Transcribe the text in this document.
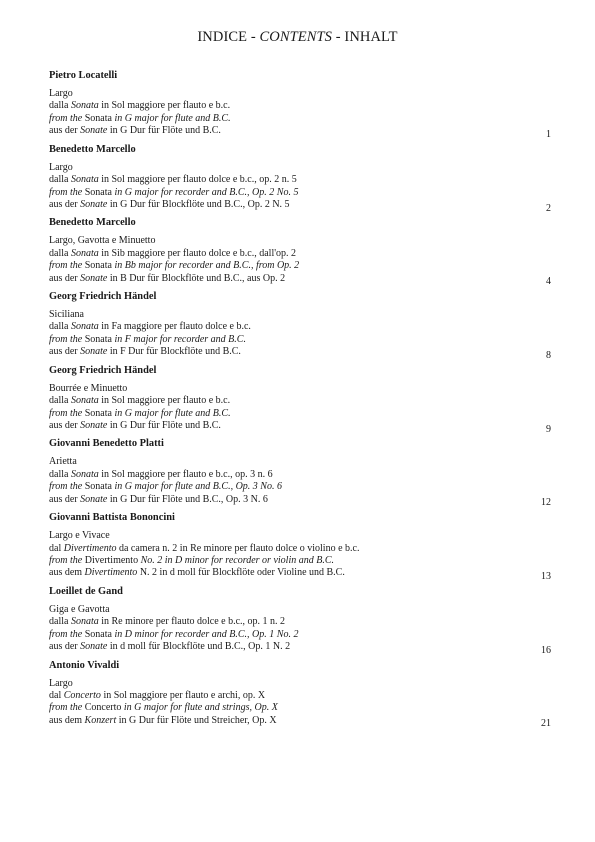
INDICE - CONTENTS - INHALT
Pietro Locatelli
Largo
dalla Sonata in Sol maggiore per flauto e b.c.
from the Sonata in G major for flute and B.C.
aus der Sonate in G Dur für Flöte und B.C.	1
Benedetto Marcello
Largo
dalla Sonata in Sol maggiore per flauto dolce e b.c., op. 2 n. 5
from the Sonata in G major for recorder and B.C., Op. 2 No. 5
aus der Sonate in G Dur für Blockflöte und B.C., Op. 2 N. 5	2
Benedetto Marcello
Largo, Gavotta e Minuetto
dalla Sonata in Sib maggiore per flauto dolce e b.c., dall'op. 2
from the Sonata in Bb major for recorder and B.C., from Op. 2
aus der Sonate in B Dur für Blockflöte und B.C., aus Op. 2	4
Georg Friedrich Händel
Siciliana
dalla Sonata in Fa maggiore per flauto dolce e b.c.
from the Sonata in F major for recorder and B.C.
aus der Sonate in F Dur für Blockflöte und B.C.	8
Georg Friedrich Händel
Bourrée e Minuetto
dalla Sonata in Sol maggiore per flauto e b.c.
from the Sonata in G major for flute and B.C.
aus der Sonate in G Dur für Flöte und B.C.	9
Giovanni Benedetto Platti
Arietta
dalla Sonata in Sol maggiore per flauto e b.c., op. 3 n. 6
from the Sonata in G major for flute and B.C., Op. 3 No. 6
aus der Sonate in G Dur für Flöte und B.C., Op. 3 N. 6	12
Giovanni Battista Bononcini
Largo e Vivace
dal Divertimento da camera n. 2 in Re minore per flauto dolce o violino e b.c.
from the Divertimento No. 2 in D minor for recorder or violin and B.C.
aus dem Divertimento N. 2 in d moll für Blockflöte oder Violine und B.C.	13
Loeillet de Gand
Giga e Gavotta
dalla Sonata in Re minore per flauto dolce e b.c., op. 1 n. 2
from the Sonata in D minor for recorder and B.C., Op. 1 No. 2
aus der Sonate in d moll für Blockflöte und B.C., Op. 1 N. 2	16
Antonio Vivaldi
Largo
dal Concerto in Sol maggiore per flauto e archi, op. X
from the Concerto in G major for flute and strings, Op. X
aus dem Konzert in G Dur für Flöte und Streicher, Op. X	21
